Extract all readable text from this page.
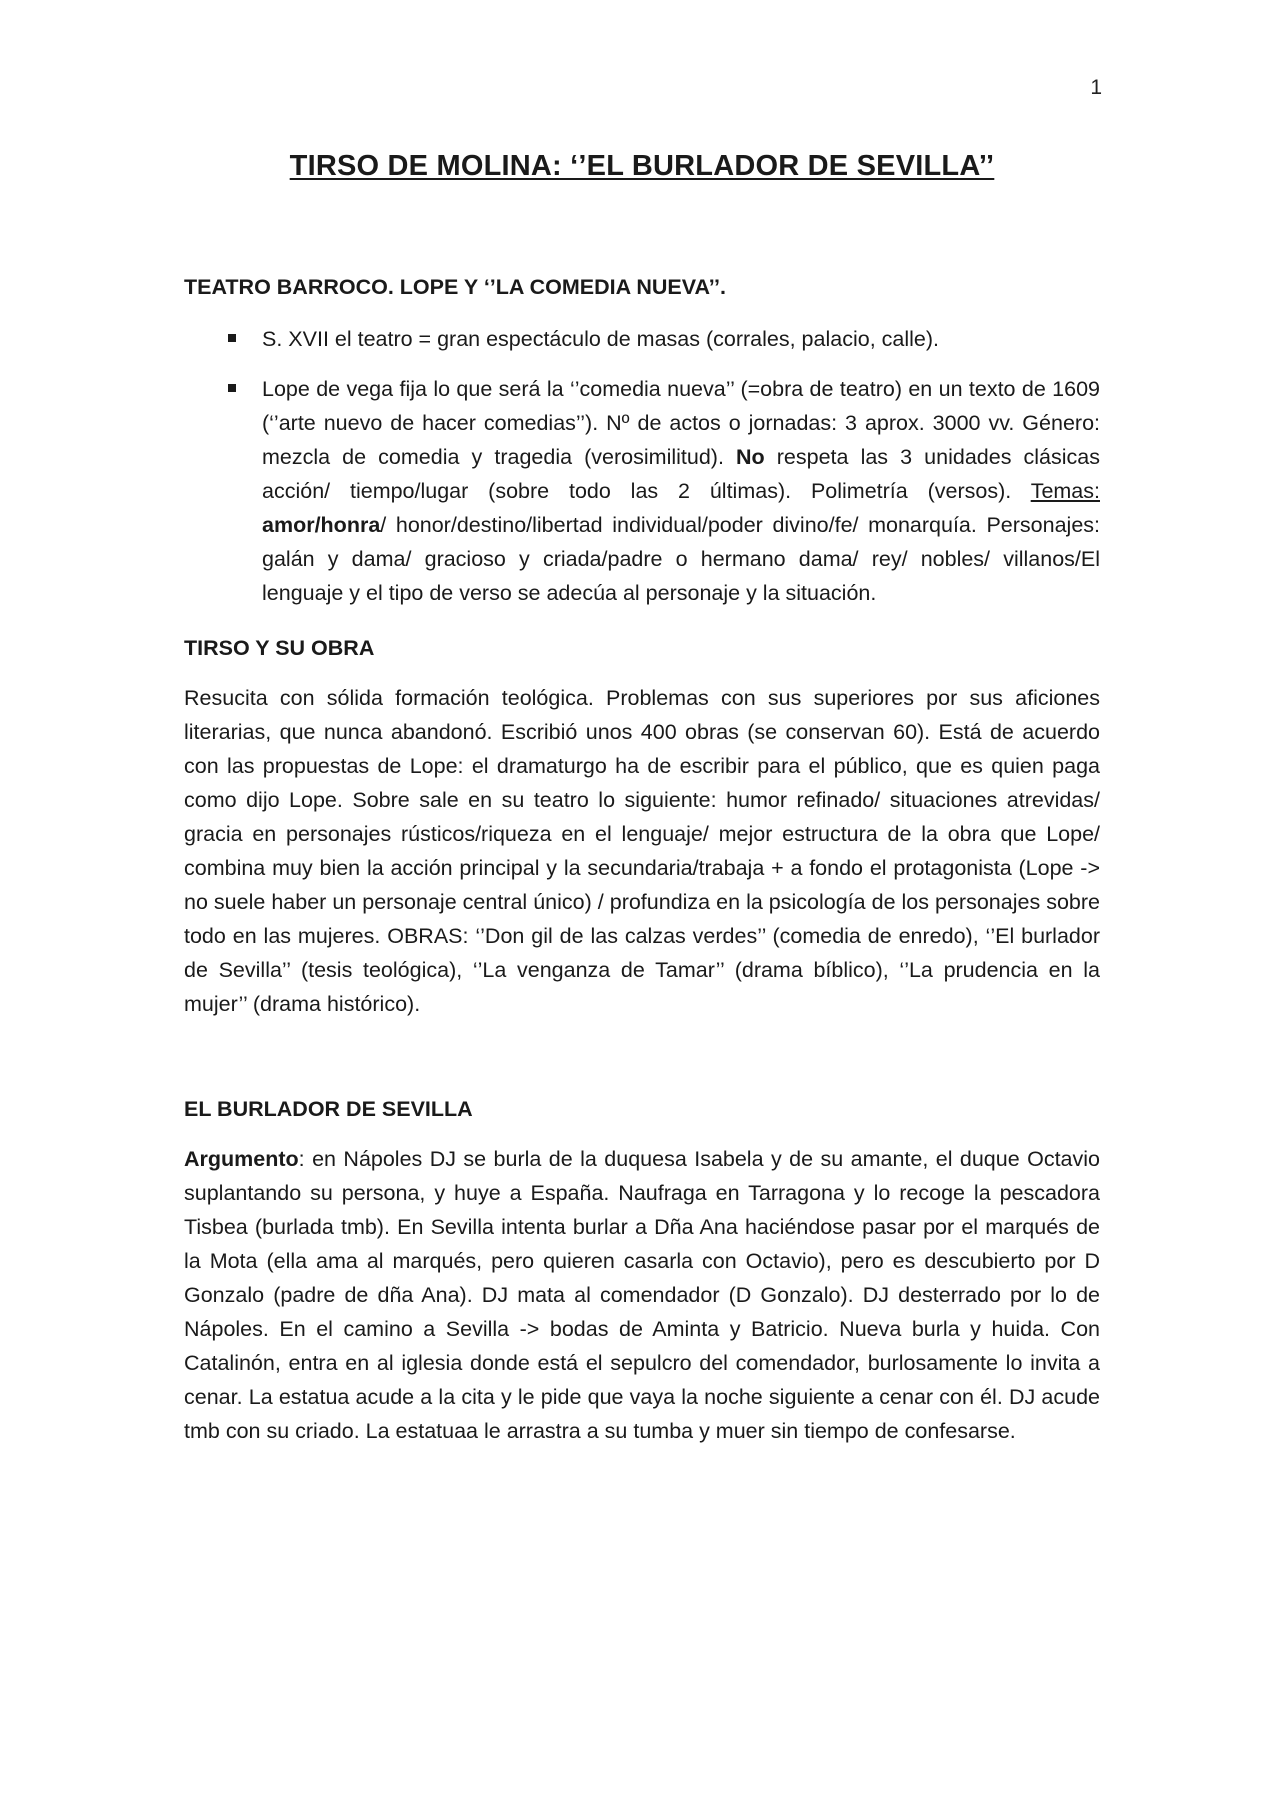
1
TIRSO DE MOLINA: ‘’EL BURLADOR DE SEVILLA’’
TEATRO BARROCO. LOPE Y ‘’LA COMEDIA NUEVA’’.
S. XVII el teatro = gran espectáculo de masas (corrales, palacio, calle).
Lope de vega fija lo que será la ‘’comedia nueva’’ (=obra de teatro) en un texto de 1609 (‘’arte nuevo de hacer comedias’’). Nº de actos o jornadas: 3 aprox. 3000 vv. Género: mezcla de comedia y tragedia (verosimilitud). No respeta las 3 unidades clásicas acción/ tiempo/lugar (sobre todo las 2 últimas). Polimetría (versos). Temas: amor/honra/ honor/destino/libertad individual/poder divino/fe/ monarquía. Personajes: galán y dama/ gracioso y criada/padre o hermano dama/ rey/ nobles/ villanos/El lenguaje y el tipo de verso se adecúa al personaje y la situación.
TIRSO Y SU OBRA

Resucita con sólida formación teológica. Problemas con sus superiores por sus aficiones literarias, que nunca abandonó. Escribió unos 400 obras (se conservan 60). Está de acuerdo con las propuestas de Lope: el dramaturgo ha de escribir para el público, que es quien paga como dijo Lope. Sobre sale en su teatro lo siguiente: humor refinado/ situaciones atrevidas/ gracia en personajes rústicos/riqueza en el lenguaje/ mejor estructura de la obra que Lope/ combina muy bien la acción principal y la secundaria/trabaja + a fondo el protagonista (Lope -> no suele haber un personaje central único) / profundiza en la psicología de los personajes sobre todo en las mujeres. OBRAS: ‘’Don gil de las calzas verdes’’ (comedia de enredo), ‘’El burlador de Sevilla’’ (tesis teológica), ‘’La venganza de Tamar’’ (drama bíblico), ‘’La prudencia en la mujer’’ (drama histórico).

EL BURLADOR DE SEVILLA

Argumento: en Nápoles DJ se burla de la duquesa Isabela y de su amante, el duque Octavio suplantando su persona, y huye a España. Naufraga en Tarragona y lo recoge la pescadora Tisbea (burlada tmb). En Sevilla intenta burlar a Dña Ana haciéndose pasar por el marqués de la Mota (ella ama al marqués, pero quieren casarla con Octavio), pero es descubierto por D Gonzalo (padre de dña Ana). DJ mata al comendador (D Gonzalo). DJ desterrado por lo de Nápoles. En el camino a Sevilla -> bodas de Aminta y Batricio. Nueva burla y huida. Con Catalinón, entra en al iglesia donde está el sepulcro del comendador, burlosamente lo invita a cenar. La estatua acude a la cita y le pide que vaya la noche siguiente a cenar con él. DJ acude tmb con su criado. La estatuaa le arrastra a su tumba y muer sin tiempo de confesarse.
